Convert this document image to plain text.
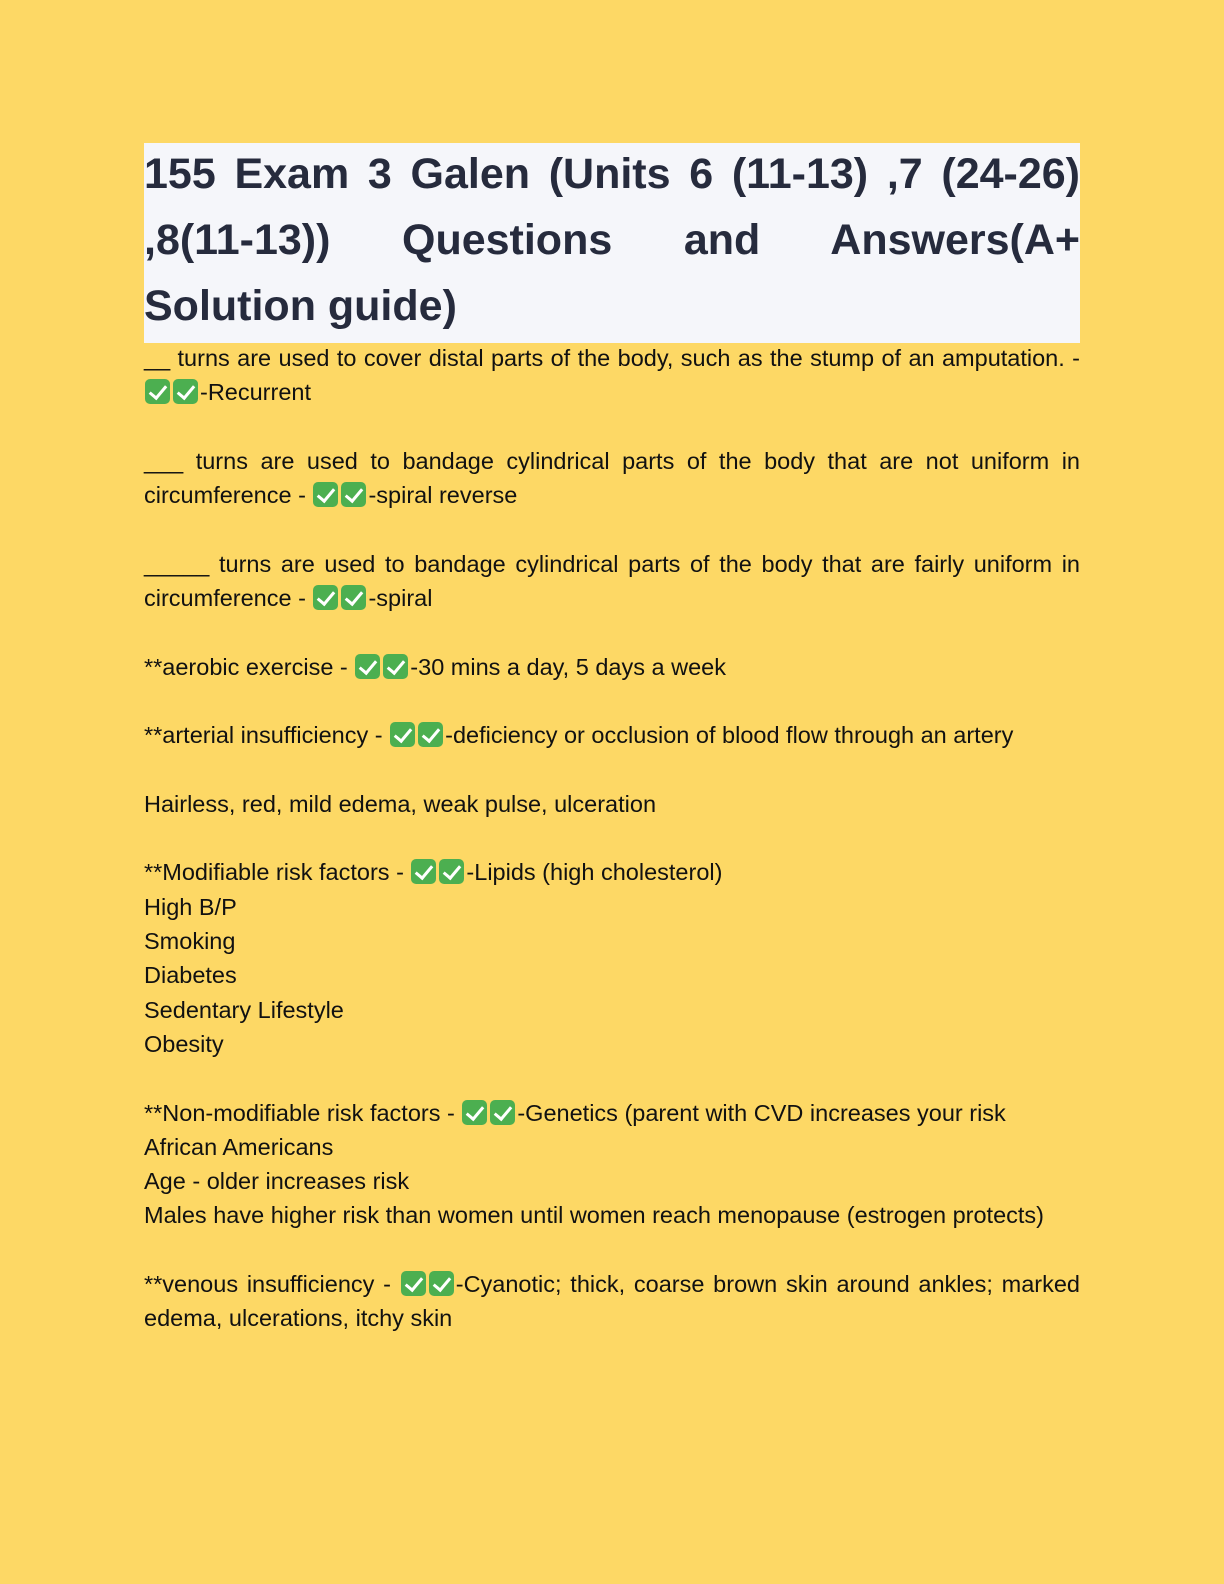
155 Exam 3 Galen (Units 6 (11-13) ,7 (24-26) ,8(11-13)) Questions and Answers(A+ Solution guide)
__ turns are used to cover distal parts of the body, such as the stump of an amputation. - -Recurrent
___ turns are used to bandage cylindrical parts of the body that are not uniform in circumference -	-spiral reverse
_____ turns are used to bandage cylindrical parts of the body that are fairly uniform in circumference -	-spiral
**aerobic exercise -	-30 mins a day, 5 days a week
**arterial insufficiency -	-deficiency or occlusion of blood flow through an artery
Hairless, red, mild edema, weak pulse, ulceration
**Modifiable risk factors -	-Lipids (high cholesterol)
High B/P
Smoking
Diabetes
Sedentary Lifestyle
Obesity
**Non-modifiable risk factors -	-Genetics (parent with CVD increases your risk
African Americans
Age - older increases risk
Males have higher risk than women until women reach menopause (estrogen protects)
**venous insufficiency -	-Cyanotic; thick, coarse brown skin around ankles; marked edema, ulcerations, itchy skin
